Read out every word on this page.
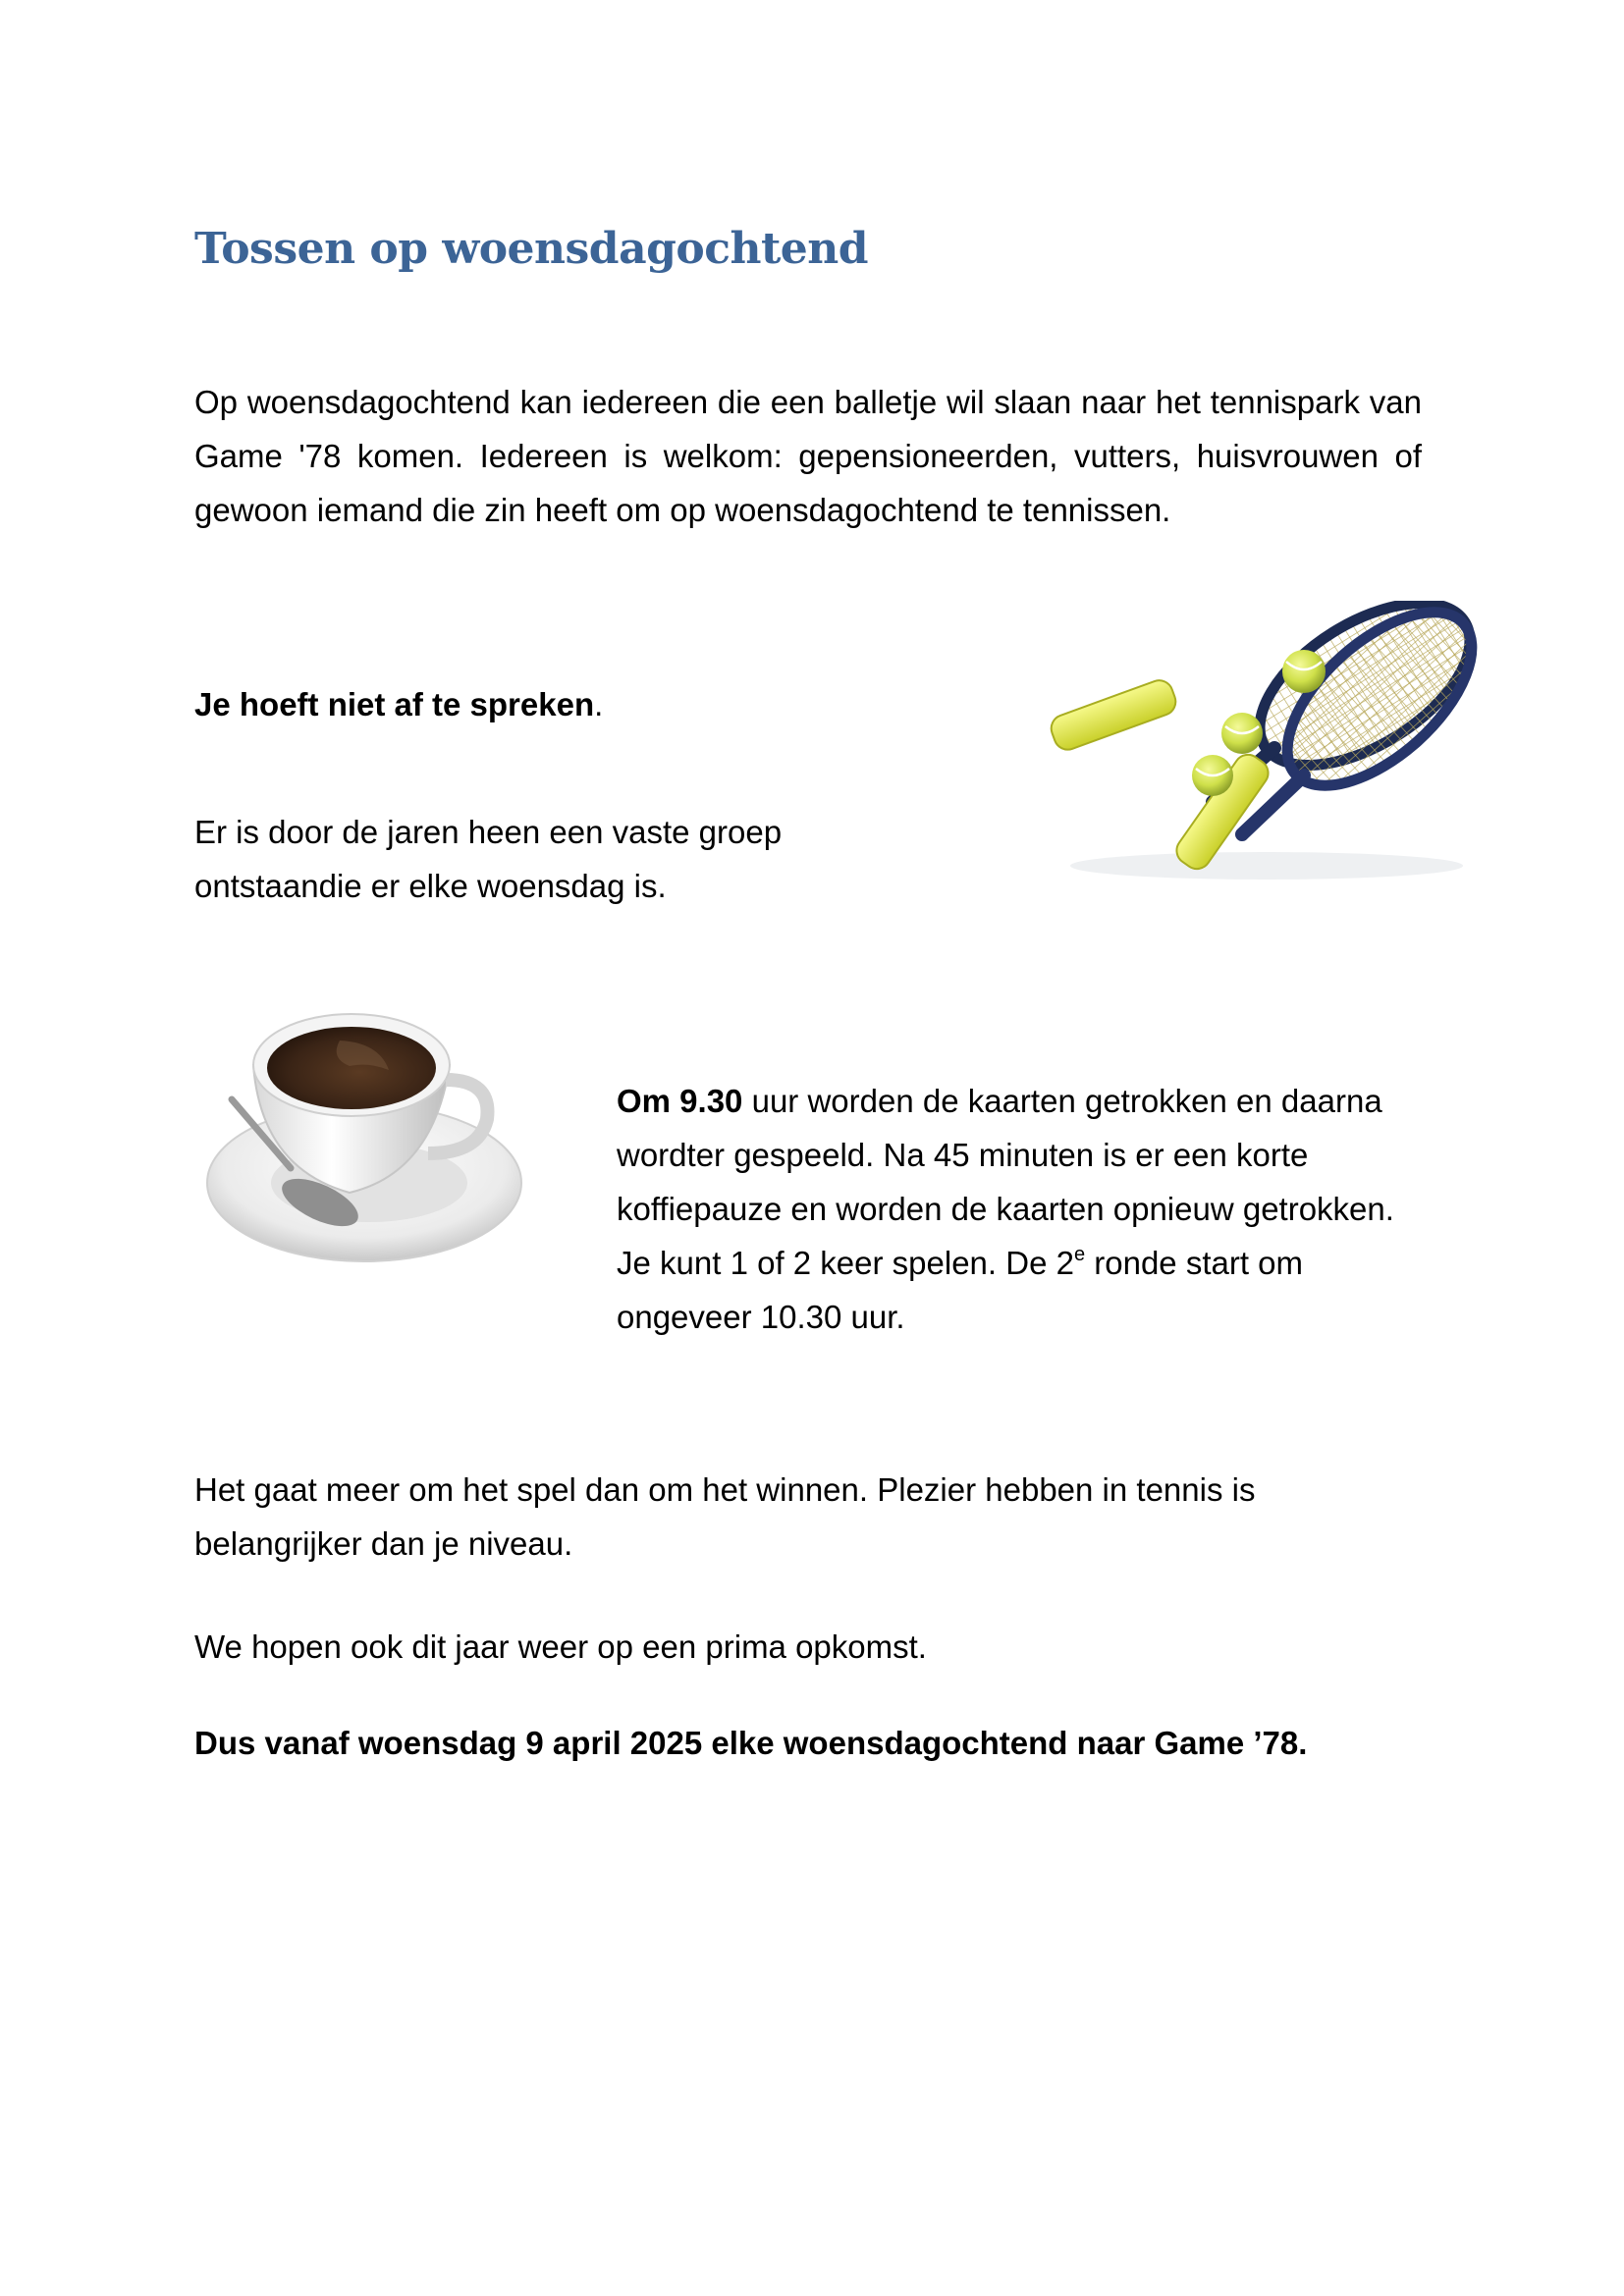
Tossen op woensdagochtend

Op woensdagochtend kan iedereen die een balletje wil slaan naar het tennispark van Game '78 komen. Iedereen is welkom: gepensioneerden, vutters, huisvrouwen of gewoon iemand die zin heeft om op woensdagochtend te tennissen.

Je hoeft niet af te spreken.

Er is door de jaren heen een vaste groep
ontstaandie er elke woensdag is.

Om 9.30 uur worden de kaarten getrokken en daarna wordter gespeeld. Na 45 minuten is er een korte koffiepauze en worden de kaarten opnieuw getrokken. Je kunt 1 of 2 keer spelen. De 2e ronde start om ongeveer 10.30 uur.

Het gaat meer om het spel dan om het winnen. Plezier hebben in tennis is belangrijker dan je niveau.

We hopen ook dit jaar weer op een prima opkomst.

Dus vanaf woensdag 9 april 2025 elke woensdagochtend naar Game ’78.
